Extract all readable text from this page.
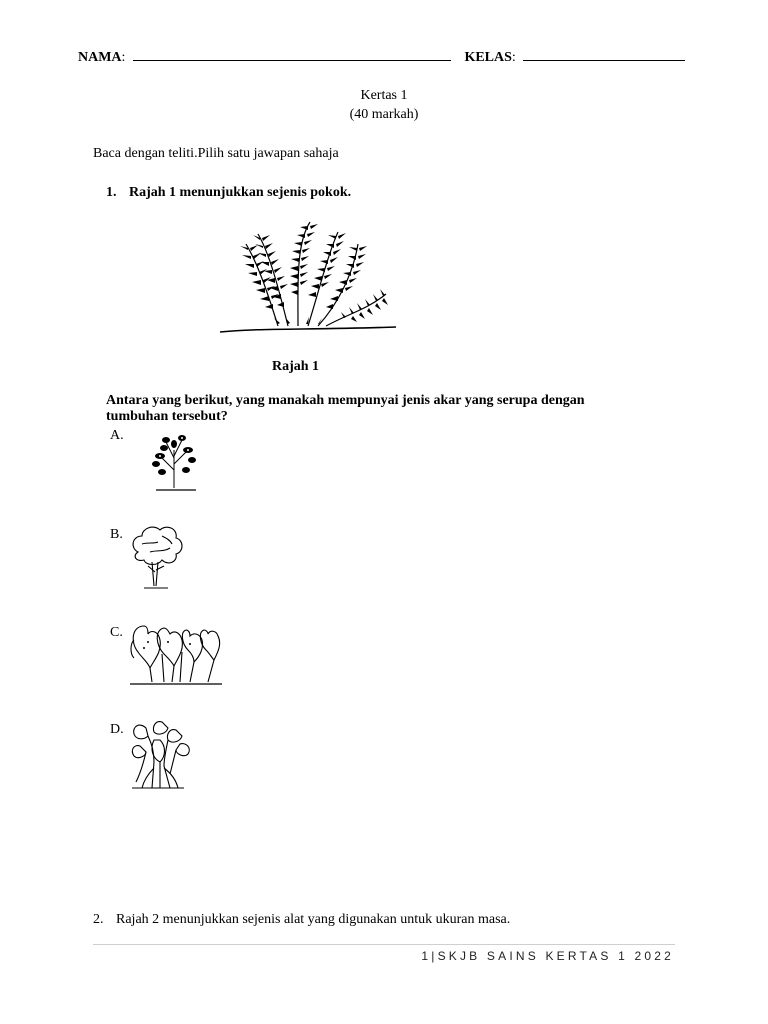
NAMA:	KELAS:
Kertas 1
(40 markah)
Baca dengan teliti.Pilih satu jawapan sahaja
1. Rajah 1 menunjukkan sejenis pokok.
Rajah 1
Antara yang berikut, yang manakah mempunyai jenis akar yang serupa dengan
tumbuhan tersebut?
A.
B.
C.
D.
2. Rajah 2 menunjukkan sejenis alat yang digunakan untuk ukuran masa.
1|SKJB SAINS KERTAS 1 2022
